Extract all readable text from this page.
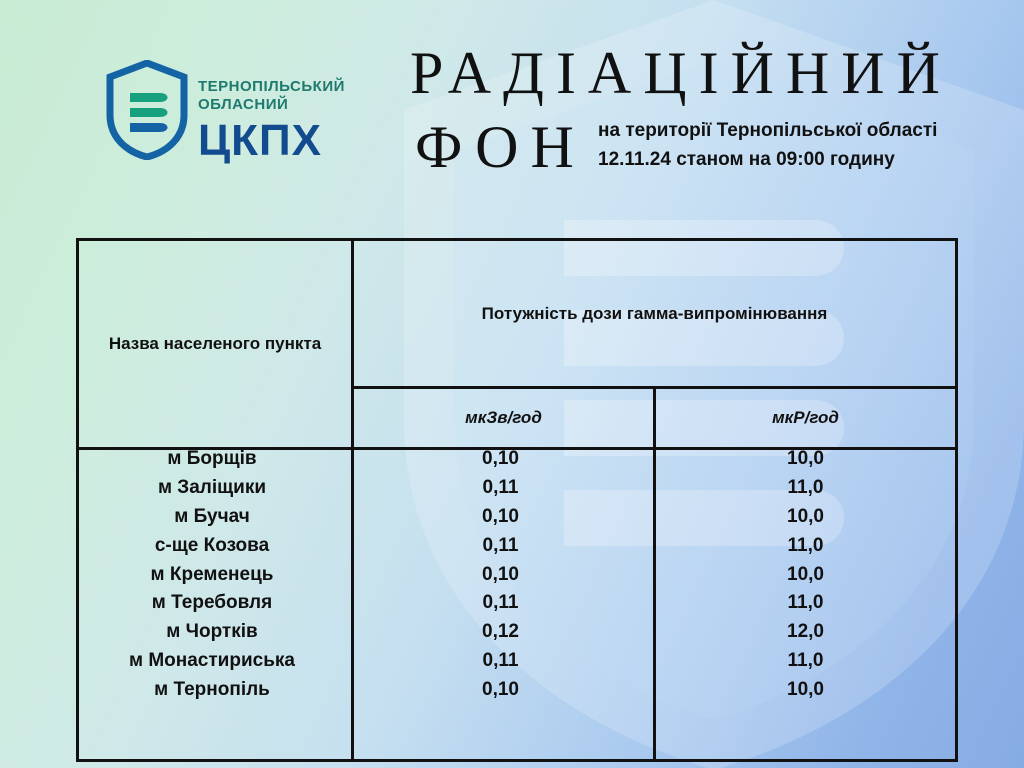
ТЕРНОПІЛЬСЬКИЙ
ОБЛАСНИЙ
ЦКПХ
РАДІАЦІЙНИЙ
ФОН на території Тернопільської області 12.11.24 станом на 09:00 годину
Назва населеного пункта	Потужність дози гамма-випромінювання	
	мкЗв/год	мкР/год

м Борщів	0,10	10,0
м Заліщики	0,11	11,0
м Бучач	0,10	10,0
с-ще Козова	0,11	11,0
м Кременець	0,10	10,0
м Теребовля	0,11	11,0
м Чортків	0,12	12,0
м Монастириська	0,11	11,0
м Тернопіль	0,10	10,0
